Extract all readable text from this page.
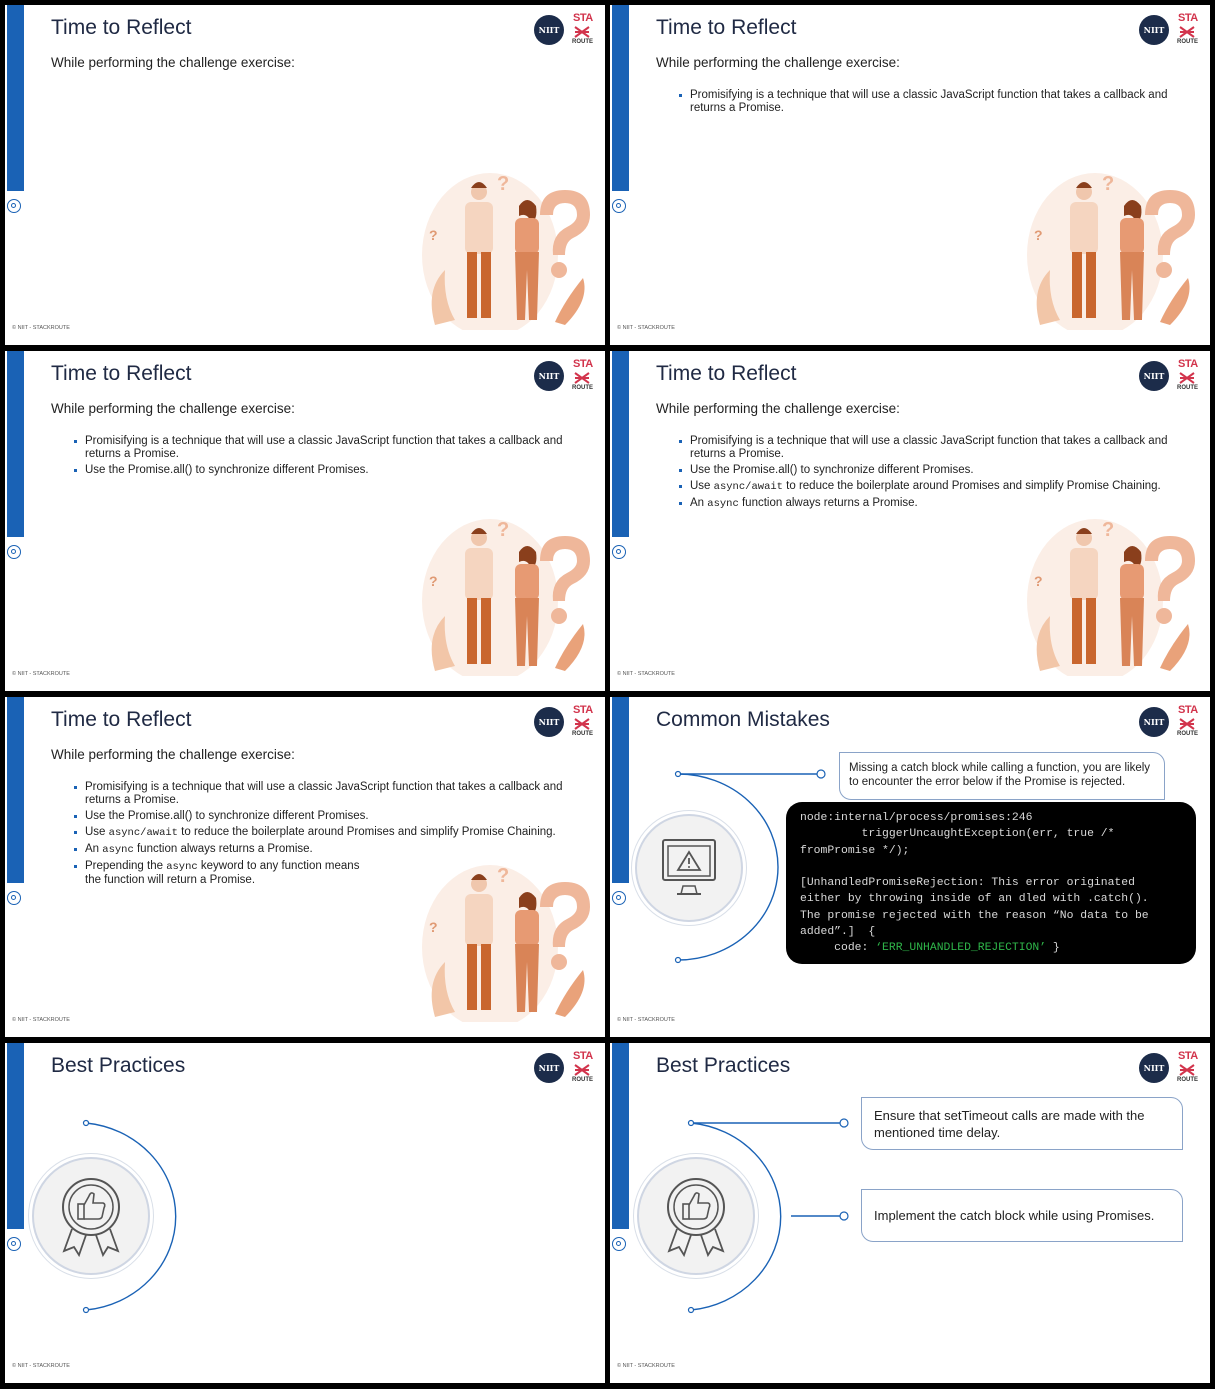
Time to Reflect
While performing the challenge exercise:
NIIT
STA
ROUTE
?
?
© NIIT - STACKROUTE
Time to Reflect
While performing the challenge exercise:
NIIT
STA
ROUTE
Promisifying is a technique that will use a classic JavaScript function that takes a callback and returns a Promise.
?
?
© NIIT - STACKROUTE
Time to Reflect
While performing the challenge exercise:
NIIT
STA
ROUTE
Promisifying is a technique that will use a classic JavaScript function that takes a callback and returns a Promise.
Use the Promise.all() to synchronize different Promises.
?
?
© NIIT - STACKROUTE
Time to Reflect
While performing the challenge exercise:
NIIT
STA
ROUTE
Promisifying is a technique that will use a classic JavaScript function that takes a callback and returns a Promise.
Use the Promise.all() to synchronize different Promises.
Use async/await to reduce the boilerplate around Promises and simplify Promise Chaining.
An async function always returns a Promise.
?
?
© NIIT - STACKROUTE
Time to Reflect
While performing the challenge exercise:
NIIT
STA
ROUTE
Promisifying is a technique that will use a classic JavaScript function that takes a callback and returns a Promise.
Use the Promise.all() to synchronize different Promises.
Use async/await to reduce the boilerplate around Promises and simplify Promise Chaining.
An async function always returns a Promise.
Prepending the async keyword to any function means the function will return a Promise.	?
?
© NIIT - STACKROUTE
Common Mistakes	NIIT
STA
ROUTE
Missing a catch block while calling a function, you are likely to encounter the error below if the Promise is rejected.
node:internal/process/promises:246
triggerUncaughtException(err, true /*
fromPromise */);

[UnhandledPromiseRejection: This error originated
either by throwing inside of an dled with .catch().
The promise rejected with the reason “No data to be
added”.]  {
code: ‘ERR_UNHANDLED_REJECTION’ }
© NIIT - STACKROUTE
Best Practices	NIIT
STA
ROUTE
© NIIT - STACKROUTE
Best Practices	NIIT
STA
ROUTE
Ensure that setTimeout calls are made with the mentioned time delay.
Implement the catch block while using Promises.
© NIIT - STACKROUTE
